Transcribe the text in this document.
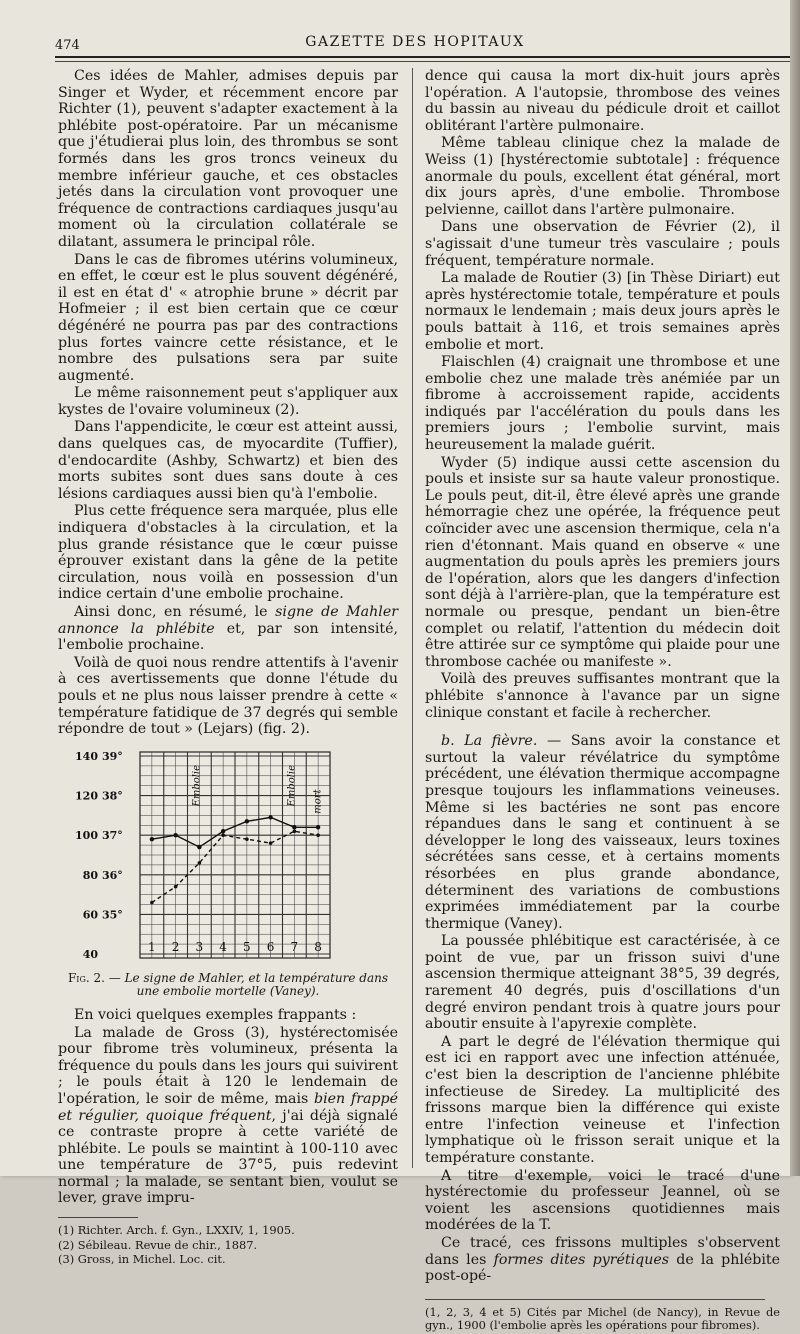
474	GAZETTE DES HOPITAUX

Ces idées de Mahler, admises depuis par Singer et Wyder, et récemment encore par Richter (1), peuvent s'adapter exactement à la phlébite post-opératoire. Par un mécanisme que j'étudierai plus loin, des thrombus se sont formés dans les gros troncs veineux du membre inférieur gauche, et ces obstacles jetés dans la circulation vont provoquer une fréquence de contractions cardiaques jusqu'au moment où la circulation collatérale se dilatant, assumera le principal rôle.

Dans le cas de fibromes utérins volumineux, en effet, le cœur est le plus souvent dégénéré, il est en état d' « atrophie brune » décrit par Hofmeier ; il est bien certain que ce cœur dégénéré ne pourra pas par des contractions plus fortes vaincre cette résistance, et le nombre des pulsations sera par suite augmenté.

Le même raisonnement peut s'appliquer aux kystes de l'ovaire volumineux (2).

Dans l'appendicite, le cœur est atteint aussi, dans quelques cas, de myocardite (Tuffier), d'endocardite (Ashby, Schwartz) et bien des morts subites sont dues sans doute à ces lésions cardiaques aussi bien qu'à l'embolie.

Plus cette fréquence sera marquée, plus elle indiquera d'obstacles à la circulation, et la plus grande résistance que le cœur puisse éprouver existant dans la gêne de la petite circulation, nous voilà en possession d'un indice certain d'une embolie prochaine.

Ainsi donc, en résumé, le signe de Mahler annonce la phlébite et, par son intensité, l'embolie prochaine.

Voilà de quoi nous rendre attentifs à l'avenir à ces avertissements que donne l'étude du pouls et ne plus nous laisser prendre à cette « température fatidique de 37 degrés qui semble répondre de tout » (Lejars) (fig. 2).

140
120
100
80
60
40
39°
38°
37°
36°
35°
1 2 3 4 5 6 7 8
Embolie	Embolie mort
Fig. 2. — Le signe de Mahler, et la température dans une embolie mortelle (Vaney).

En voici quelques exemples frappants :

La malade de Gross (3), hystérectomisée pour fibrome très volumineux, présenta la fréquence du pouls dans les jours qui suivirent ; le pouls était à 120 le lendemain de l'opération, le soir de même, mais bien frappé et régulier, quoique fréquent, j'ai déjà signalé ce contraste propre à cette variété de phlébite. Le pouls se maintint à 100-110 avec une température de 37°5, puis redevint normal ; la malade, se sentant bien, voulut se lever, grave impru-

(1) Richter. Arch. f. Gyn., LXXIV, 1, 1905.

(2) Sébileau. Revue de chir., 1887.

(3) Gross, in Michel. Loc. cit.

dence qui causa la mort dix-huit jours après l'opération. A l'autopsie, thrombose des veines du bassin au niveau du pédicule droit et caillot oblitérant l'artère pulmonaire.

Même tableau clinique chez la malade de Weiss (1) [hystérectomie subtotale] : fréquence anormale du pouls, excellent état général, mort dix jours après, d'une embolie. Thrombose pelvienne, caillot dans l'artère pulmonaire.

Dans une observation de Février (2), il s'agissait d'une tumeur très vasculaire ; pouls fréquent, température normale.

La malade de Routier (3) [in Thèse Diriart) eut après hystérectomie totale, température et pouls normaux le lendemain ; mais deux jours après le pouls battait à 116, et trois semaines après embolie et mort.

Flaischlen (4) craignait une thrombose et une embolie chez une malade très anémiée par un fibrome à accroissement rapide, accidents indiqués par l'accélération du pouls dans les premiers jours ; l'embolie survint, mais heureusement la malade guérit.

Wyder (5) indique aussi cette ascension du pouls et insiste sur sa haute valeur pronostique. Le pouls peut, dit-il, être élevé après une grande hémorragie chez une opérée, la fréquence peut coïncider avec une ascension thermique, cela n'a rien d'étonnant. Mais quand en observe « une augmentation du pouls après les premiers jours de l'opération, alors que les dangers d'infection sont déjà à l'arrière-plan, que la température est normale ou presque, pendant un bien-être complet ou relatif, l'attention du médecin doit être attirée sur ce symptôme qui plaide pour une thrombose cachée ou manifeste ».

Voilà des preuves suffisantes montrant que la phlébite s'annonce à l'avance par un signe clinique constant et facile à rechercher.

b. La fièvre. — Sans avoir la constance et surtout la valeur révélatrice du symptôme précédent, une élévation thermique accompagne presque toujours les inflammations veineuses. Même si les bactéries ne sont pas encore répandues dans le sang et continuent à se développer le long des vaisseaux, leurs toxines sécrétées sans cesse, et à certains moments résorbées en plus grande abondance, déterminent des variations de combustions exprimées immédiatement par la courbe thermique (Vaney).

La poussée phlébitique est caractérisée, à ce point de vue, par un frisson suivi d'une ascension thermique atteignant 38°5, 39 degrés, rarement 40 degrés, puis d'oscillations d'un degré environ pendant trois à quatre jours pour aboutir ensuite à l'apyrexie complète.

A part le degré de l'élévation thermique qui est ici en rapport avec une infection atténuée, c'est bien la description de l'ancienne phlébite infectieuse de Siredey. La multiplicité des frissons marque bien la différence qui existe entre l'infection veineuse et l'infection lymphatique où le frisson serait unique et la température constante.

A titre d'exemple, voici le tracé d'une hystérectomie du professeur Jeannel, où se voient les ascensions quotidiennes mais modérées de la T.

Ce tracé, ces frissons multiples s'observent dans les formes dites pyrétiques de la phlébite post-opé-

(1, 2, 3, 4 et 5) Cités par Michel (de Nancy), in Revue de gyn., 1900 (l'embolie après les opérations pour fibromes).
